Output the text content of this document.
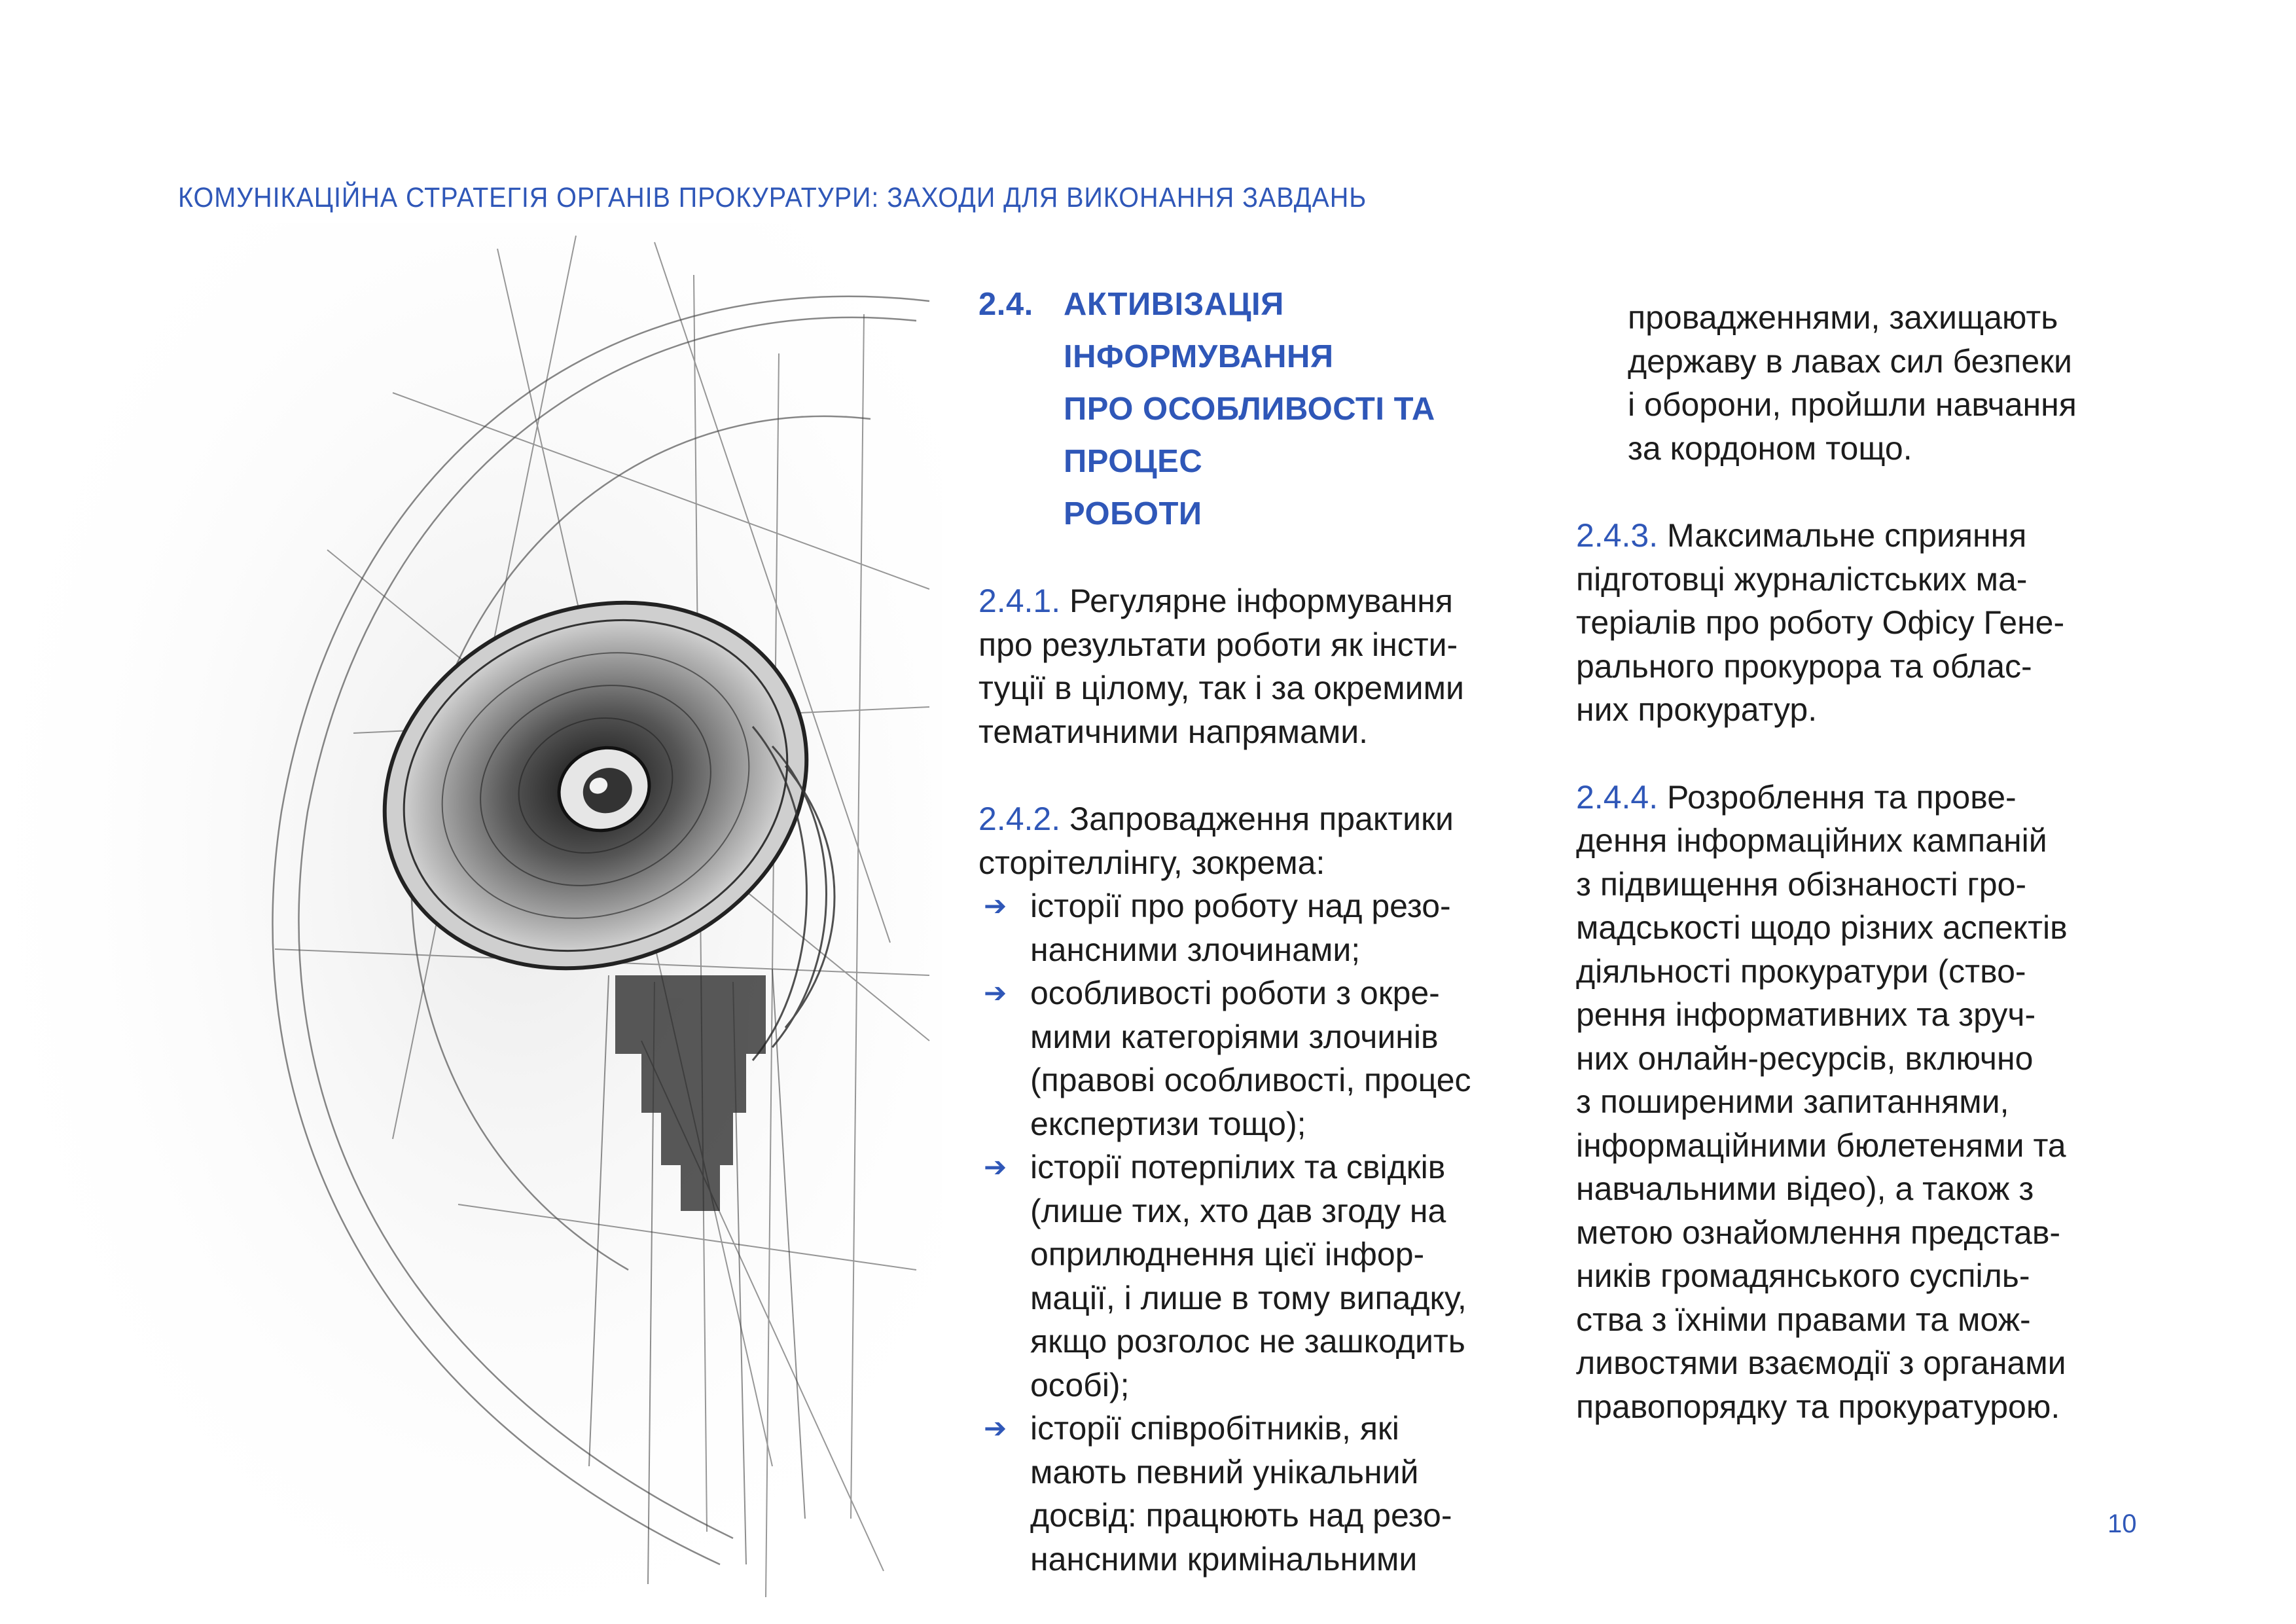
КОМУНІКАЦІЙНА СТРАТЕГІЯ ОРГАНІВ ПРОКУРАТУРИ: ЗАХОДИ ДЛЯ ВИКОНАННЯ ЗАВДАНЬ
2.4. АКТИВІЗАЦІЯ ІНФОРМУВАННЯ
ПРО ОСОБЛИВОСТІ ТА ПРОЦЕС
РОБОТИ
2.4.1. Регулярне інформування
про результати роботи як інсти-
туції в цілому, так і за окремими
тематичними напрямами.
2.4.2. Запровадження практики
сторітеллінгу, зокрема:
➔ історії про роботу над резо-
нансними злочинами;
➔ особливості роботи з окре-
мими категоріями злочинів
(правові особливості, процес
експертизи тощо);
➔ історії потерпілих та свідків
(лише тих, хто дав згоду на
оприлюднення цієї інфор-
мації, і лише в тому випадку,
якщо розголос не зашкодить
особі);
➔ історії співробітників, які
мають певний унікальний
досвід: працюють над резо-
нансними кримінальними
провадженнями, захищають
державу в лавах сил безпеки
і оборони, пройшли навчання
за кордоном тощо.
2.4.3. Максимальне сприяння
підготовці журналістських ма-
теріалів про роботу Офісу Гене-
рального прокурора та облас-
них прокуратур.
2.4.4. Розроблення та прове-
дення інформаційних кампаній
з підвищення обізнаності гро-
мадськості щодо різних аспектів
діяльності прокуратури (ство-
рення інформативних та зруч-
них онлайн-ресурсів, включно
з поширеними запитаннями,
інформаційними бюлетенями та
навчальними відео), а також з
метою ознайомлення представ-
ників громадянського суспіль-
ства з їхніми правами та мож-
ливостями взаємодії з органами
правопорядку та прокуратурою.
10
